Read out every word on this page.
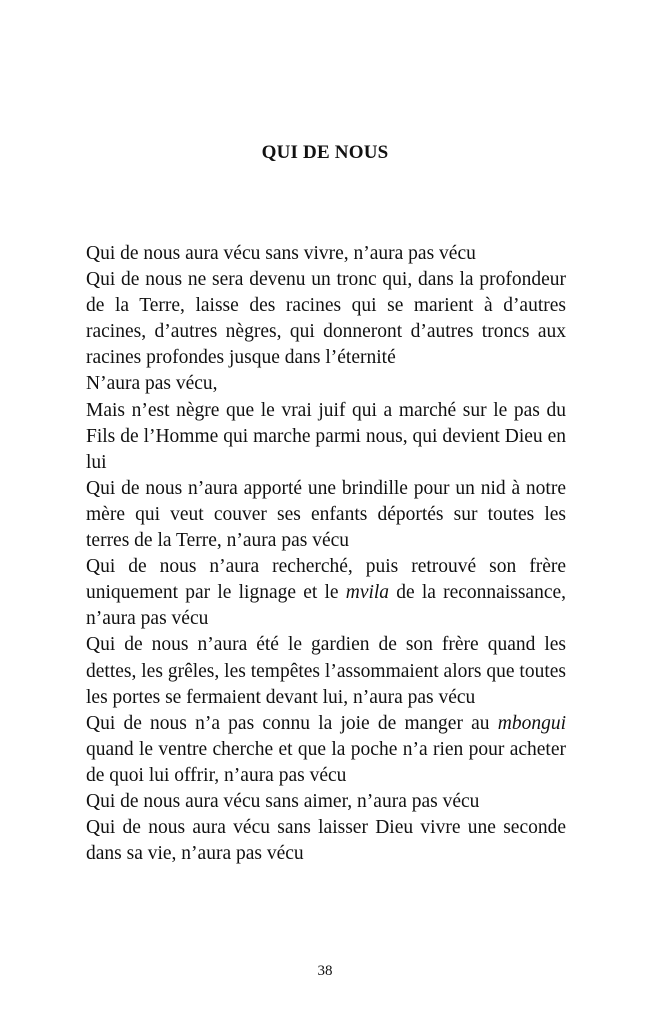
QUI DE NOUS

Qui de nous aura vécu sans vivre, n’aura pas vécu

Qui de nous ne sera devenu un tronc qui, dans la profondeur de la Terre, laisse des racines qui se marient à d’autres racines, d’autres nègres, qui donneront d’autres troncs aux racines profondes jusque dans l’éternité

N’aura pas vécu,

Mais n’est nègre que le vrai juif qui a marché sur le pas du Fils de l’Homme qui marche parmi nous, qui devient Dieu en lui

Qui de nous n’aura apporté une brindille pour un nid à notre mère qui veut couver ses enfants déportés sur toutes les terres de la Terre, n’aura pas vécu

Qui de nous n’aura recherché, puis retrouvé son frère uniquement par le lignage et le mvila de la reconnaissance, n’aura pas vécu

Qui de nous n’aura été le gardien de son frère quand les dettes, les grêles, les tempêtes l’assommaient alors que toutes les portes se fermaient devant lui, n’aura pas vécu

Qui de nous n’a pas connu la joie de manger au mbongui quand le ventre cherche et que la poche n’a rien pour acheter de quoi lui offrir, n’aura pas vécu

Qui de nous aura vécu sans aimer, n’aura pas vécu

Qui de nous aura vécu sans laisser Dieu vivre une seconde dans sa vie, n’aura pas vécu

38
